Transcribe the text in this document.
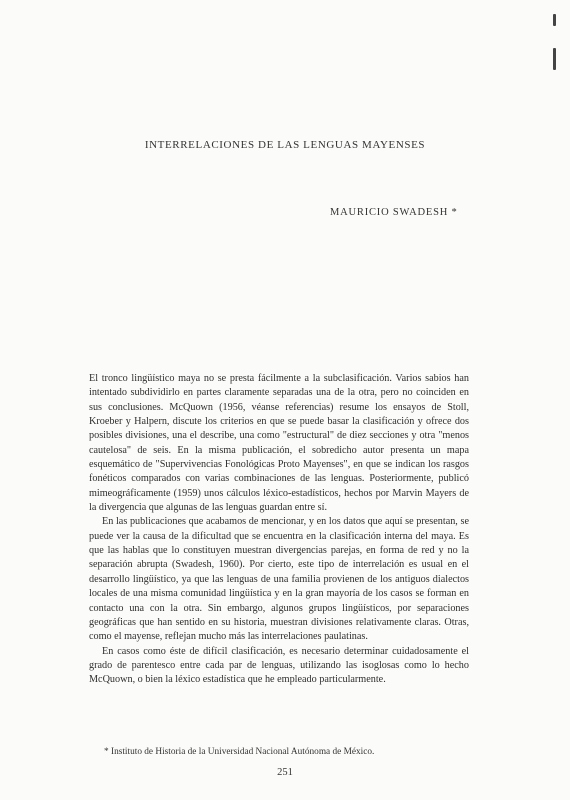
INTERRELACIONES DE LAS LENGUAS MAYENSES
MAURICIO SWADESH *

El tronco lingüístico maya no se presta fácilmente a la subclasificación. Varios sabios han intentado subdividirlo en partes claramente separadas una de la otra, pero no coinciden en sus conclusiones. McQuown (1956, véanse referencias) resume los ensayos de Stoll, Kroeber y Halpern, discute los criterios en que se puede basar la clasificación y ofrece dos posibles divisiones, una el describe, una como "estructural" de diez secciones y otra "menos cautelosa" de seis. En la misma publicación, el sobredicho autor presenta un mapa esquemático de "Supervivencias Fonológicas Proto Mayenses", en que se indican los rasgos fonéticos comparados con varias combinaciones de las lenguas. Posteriormente, publicó mimeográficamente (1959) unos cálculos léxico-estadísticos, hechos por Marvin Mayers de la divergencia que algunas de las lenguas guardan entre sí.

En las publicaciones que acabamos de mencionar, y en los datos que aquí se presentan, se puede ver la causa de la dificultad que se encuentra en la clasificación interna del maya. Es que las hablas que lo constituyen muestran divergencias parejas, en forma de red y no la separación abrupta (Swadesh, 1960). Por cierto, este tipo de interrelación es usual en el desarrollo lingüístico, ya que las lenguas de una familia provienen de los antiguos dialectos locales de una misma comunidad lingüística y en la gran mayoría de los casos se forman en contacto una con la otra. Sin embargo, algunos grupos lingüísticos, por separaciones geográficas que han sentido en su historia, muestran divisiones relativamente claras. Otras, como el mayense, reflejan mucho más las interrelaciones paulatinas.

En casos como éste de difícil clasificación, es necesario determinar cuidadosamente el grado de parentesco entre cada par de lenguas, utilizando las isoglosas como lo hecho McQuown, o bien la léxico estadística que he empleado particularmente.

* Instituto de Historia de la Universidad Nacional Autónoma de México.
251
